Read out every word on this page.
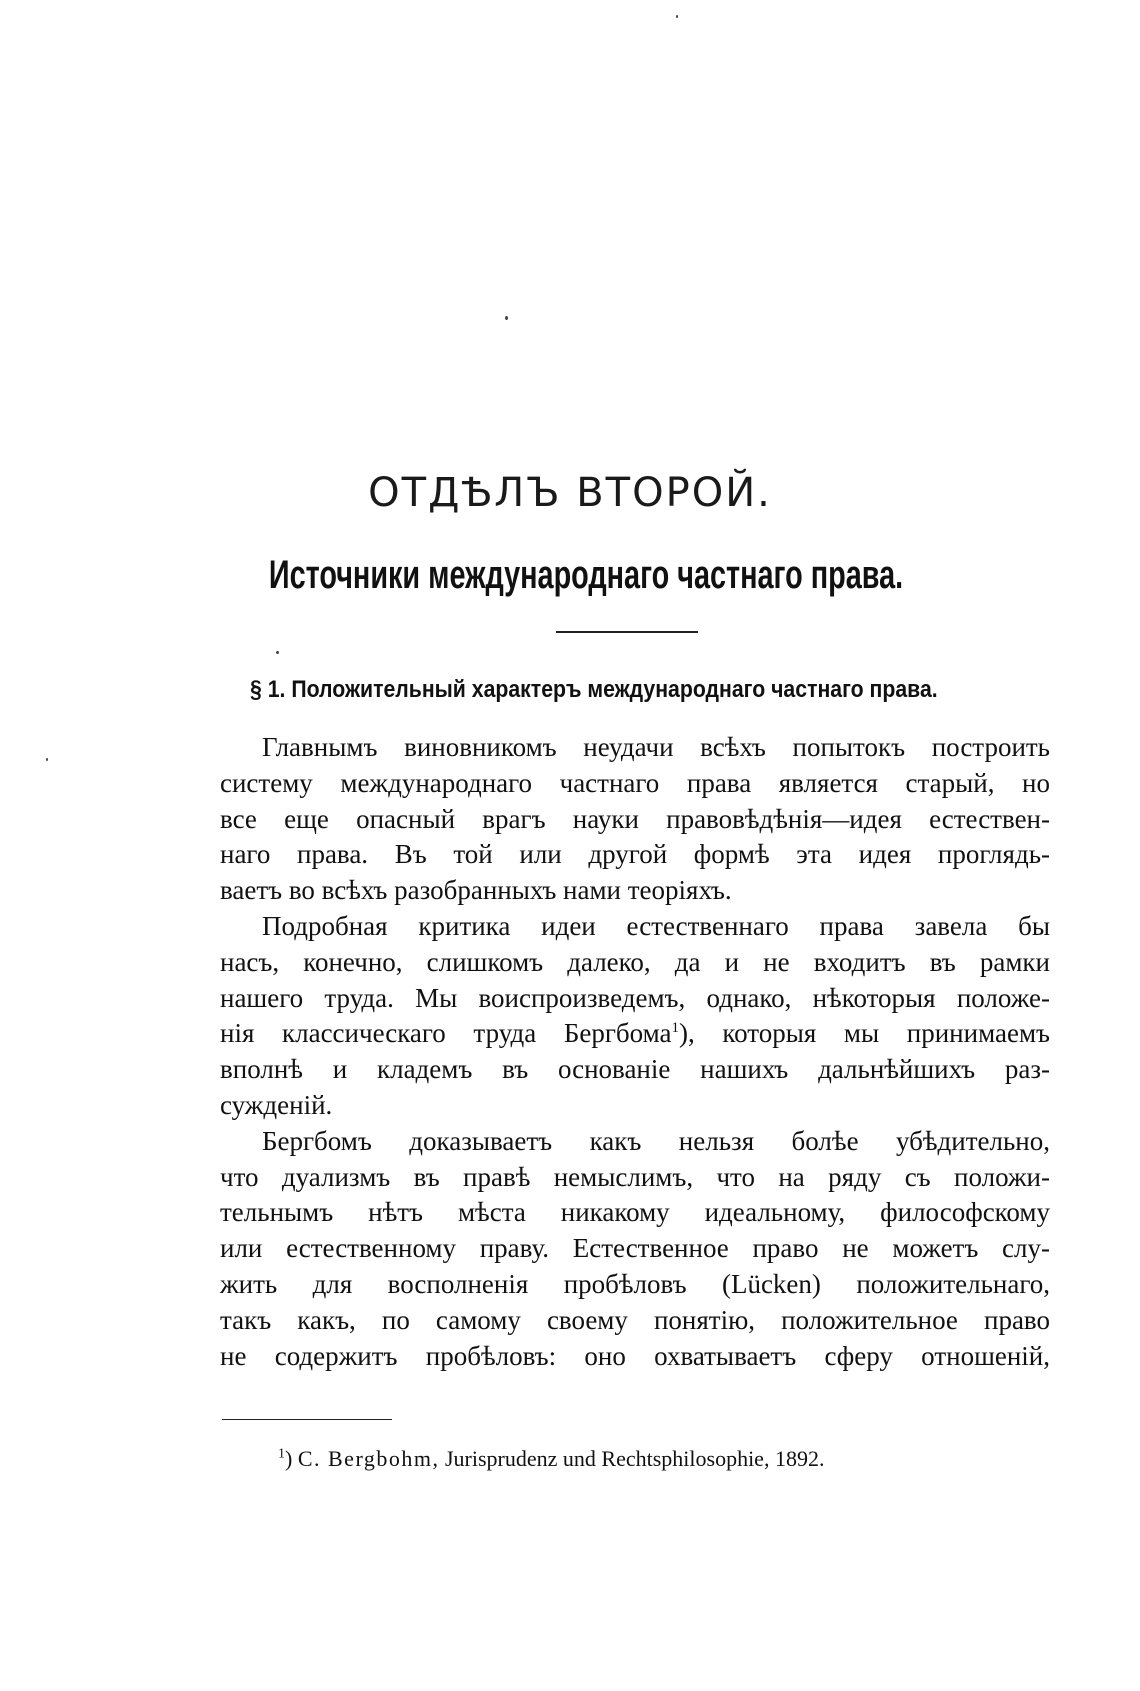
ОТДѢЛЪ ВТОРОЙ.
Источники международнаго частнаго права.
§ 1. Положительный характеръ международнаго частнаго права.
Главнымъ виновникомъ неудачи всѣхъ попытокъ построить
систему международнаго частнаго права является старый, но
все еще опасный врагъ науки правовѣдѣнія—идея естествен-
наго права. Въ той или другой формѣ эта идея проглядь-
ваетъ во всѣхъ разобранныхъ нами теоріяхъ.
Подробная критика идеи естественнаго права завела бы
насъ, конечно, слишкомъ далеко, да и не входитъ въ рамки
нашего труда. Мы воиспроизведемъ, однако, нѣкоторыя положе-
нія классическаго труда Бергбома$^1$), которыя мы принимаемъ
вполнѣ и кладемъ въ основаніе нашихъ дальнѣйшихъ раз-
сужденій.
Бергбомъ доказываетъ какъ нельзя болѣе убѣдительно,
что дуализмъ въ правѣ немыслимъ, что на ряду съ положи-
тельнымъ нѣтъ мѣста никакому идеальному, философскому
или естественному праву. Естественное право не можетъ слу-
жить для восполненія пробѣловъ (Lücken) положительнаго,
такъ какъ, по самому своему понятію, положительное право
не содержитъ пробѣловъ: оно охватываетъ сферу отношеній,
$^1$) C. Bergbohm, Jurisprudenz und Rechtsphilosophie, 1892.
